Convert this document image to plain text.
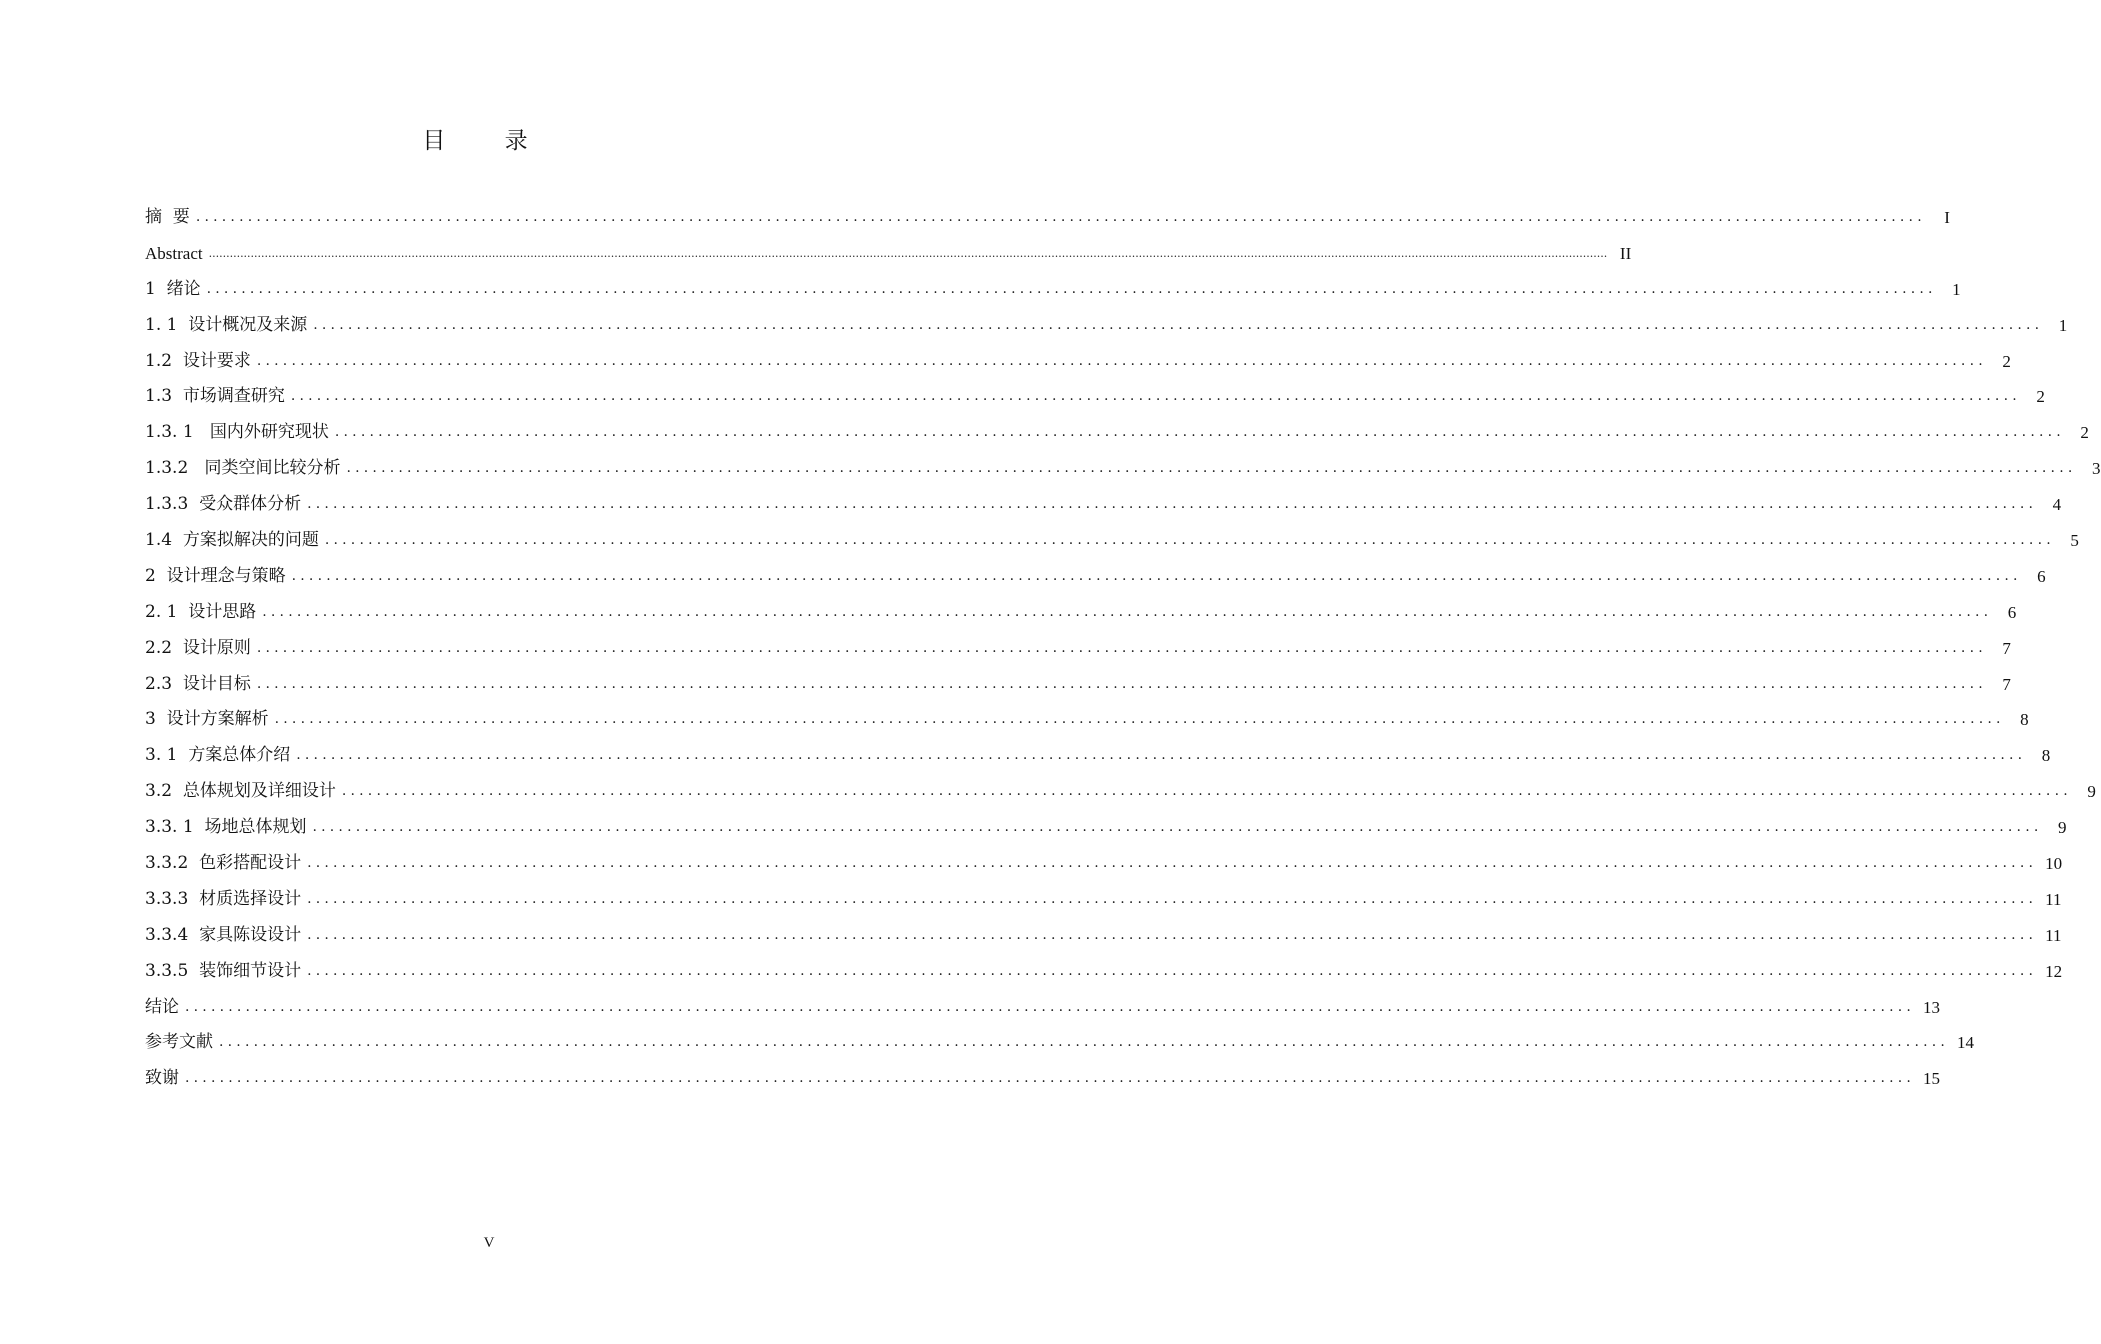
目 录
摘  要 ........................................................................................................................................................................................................	I
Abstract ................................................................................................................................................................................................................................................................................................................................................................................................................ II
1  绪论 ........................................................................................................................................................................................................ 1
1. 1  设计概况及来源 ........................................................................................................................................................................................................ 1
1.2  设计要求 ........................................................................................................................................................................................................ 2
1.3  市场调查研究 ........................................................................................................................................................................................................ 2
1.3. 1   国内外研究现状 ........................................................................................................................................................................................................ 2
1.3.2   同类空间比较分析 ........................................................................................................................................................................................................ 3
1.3.3  受众群体分析 ........................................................................................................................................................................................................ 4
1.4  方案拟解决的问题 ........................................................................................................................................................................................................ 5
2  设计理念与策略 ........................................................................................................................................................................................................ 6
2. 1  设计思路 ........................................................................................................................................................................................................ 6
2.2  设计原则 ........................................................................................................................................................................................................ 7
2.3  设计目标 ........................................................................................................................................................................................................ 7
3  设计方案解析 ........................................................................................................................................................................................................ 8
3. 1  方案总体介绍 ........................................................................................................................................................................................................ 8
3.2  总体规划及详细设计 ........................................................................................................................................................................................................ 9
3.3. 1  场地总体规划 ........................................................................................................................................................................................................ 9
3.3.2  色彩搭配设计 ........................................................................................................................................................................................................ 10
3.3.3  材质选择设计 ........................................................................................................................................................................................................ 11
3.3.4  家具陈设设计 ........................................................................................................................................................................................................ 11
3.3.5  装饰细节设计 ........................................................................................................................................................................................................ 12
结论 ........................................................................................................................................................................................................ 13
参考文献 ........................................................................................................................................................................................................ 14
致谢 ........................................................................................................................................................................................................ 15
V
